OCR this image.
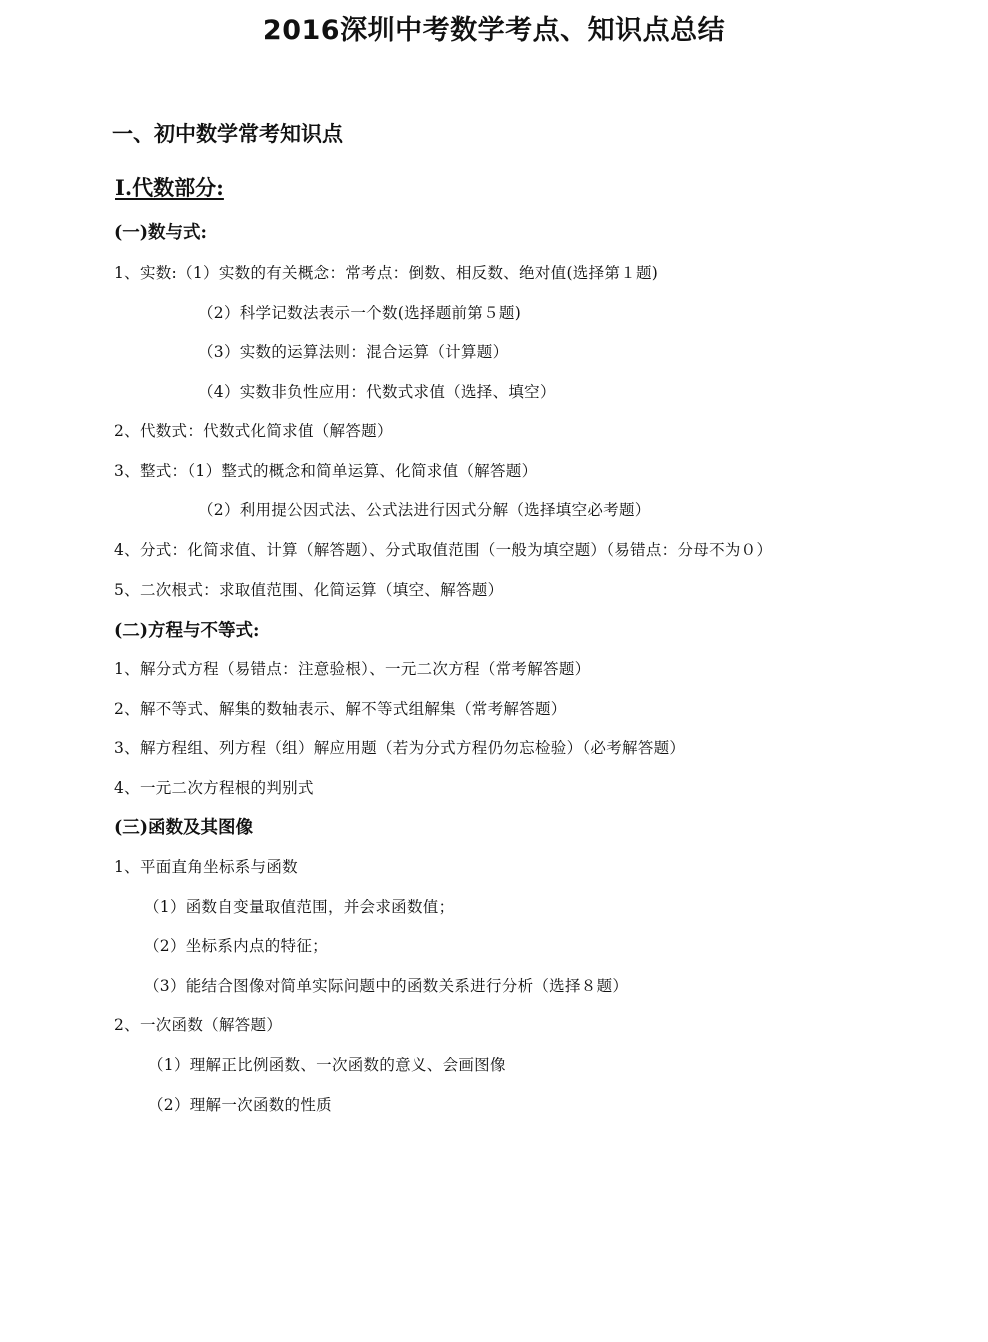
2016深圳中考数学考点、知识点总结
一、初中数学常考知识点
Ⅰ.代数部分:
(一)数与式:
1、实数:（1）实数的有关概念：常考点：倒数、相反数、绝对值(选择第１题)
（2）科学记数法表示一个数(选择题前第５题)
（3）实数的运算法则：混合运算（计算题）
（4）实数非负性应用：代数式求值（选择、填空）
2、代数式：代数式化简求值（解答题）
3、整式：（1）整式的概念和简单运算、化简求值（解答题）
（2）利用提公因式法、公式法进行因式分解（选择填空必考题）
4、分式：化简求值、计算（解答题）、分式取值范围（一般为填空题）（易错点：分母不为０）
5、二次根式：求取值范围、化简运算（填空、解答题）
(二)方程与不等式:
1、解分式方程（易错点：注意验根）、一元二次方程（常考解答题）
2、解不等式、解集的数轴表示、解不等式组解集（常考解答题）
3、解方程组、列方程（组）解应用题（若为分式方程仍勿忘检验）（必考解答题）
4、一元二次方程根的判别式
(三)函数及其图像
1、平面直角坐标系与函数
（1）函数自变量取值范围，并会求函数值；
（2）坐标系内点的特征；
（3）能结合图像对简单实际问题中的函数关系进行分析（选择８题）
2、一次函数（解答题）
（1）理解正比例函数、一次函数的意义、会画图像
（2）理解一次函数的性质
